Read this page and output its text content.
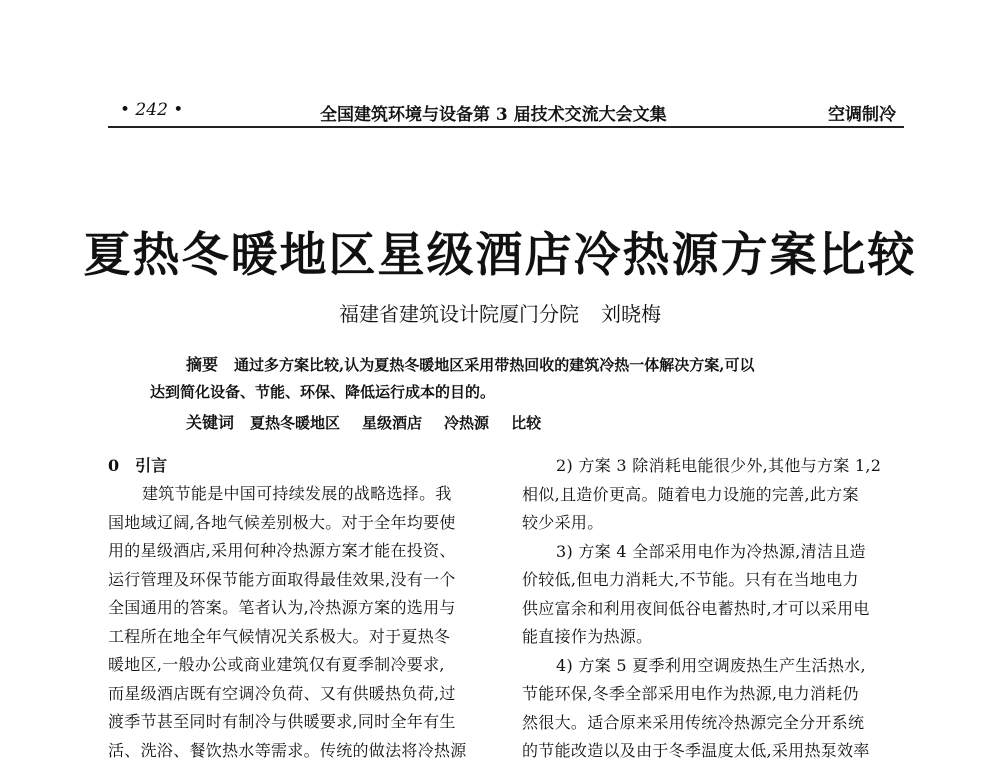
• 242 •	全国建筑环境与设备第 3 届技术交流大会文集	空调制冷
夏热冬暖地区星级酒店冷热源方案比较
福建省建筑设计院厦门分院 刘晓梅
摘要 通过多方案比较,认为夏热冬暖地区采用带热回收的建筑冷热一体解决方案,可以
达到简化设备、节能、环保、降低运行成本的目的。
关键词 夏热冬暖地区 星级酒店 冷热源 比较
0 引言
建筑节能是中国可持续发展的战略选择。我
国地域辽阔,各地气候差别极大。对于全年均要使
用的星级酒店,采用何种冷热源方案才能在投资、
运行管理及环保节能方面取得最佳效果,没有一个
全国通用的答案。笔者认为,冷热源方案的选用与
工程所在地全年气候情况关系极大。对于夏热冬
暖地区,一般办公或商业建筑仅有夏季制冷要求,
而星级酒店既有空调冷负荷、又有供暖热负荷,过
渡季节甚至同时有制冷与供暖要求,同时全年有生
活、洗浴、餐饮热水等需求。传统的做法将冷热源
2) 方案 3 除消耗电能很少外,其他与方案 1,2
相似,且造价更高。随着电力设施的完善,此方案
较少采用。
3) 方案 4 全部采用电作为冷热源,清洁且造
价较低,但电力消耗大,不节能。只有在当地电力
供应富余和利用夜间低谷电蓄热时,才可以采用电
能直接作为热源。
4) 方案 5 夏季利用空调废热生产生活热水,
节能环保,冬季全部采用电作为热源,电力消耗仍
然很大。适合原来采用传统冷热源完全分开系统
的节能改造以及由于冬季温度太低,采用热泵效率
